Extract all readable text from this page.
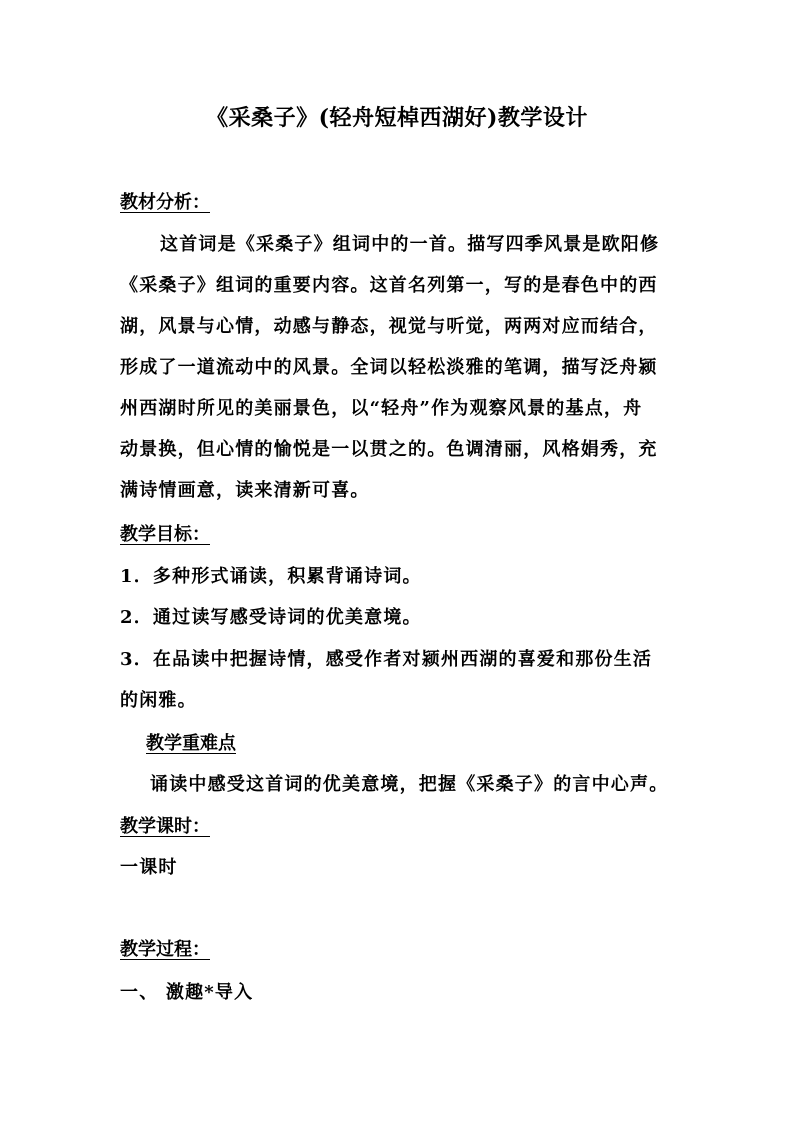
《采桑子》(轻舟短棹西湖好)教学设计
教材分析：
这首词是《采桑子》组词中的一首。描写四季风景是欧阳修
《采桑子》组词的重要内容。这首名列第一，写的是春色中的西
湖，风景与心情，动感与静态，视觉与听觉，两两对应而结合，
形成了一道流动中的风景。全词以轻松淡雅的笔调，描写泛舟颍
州西湖时所见的美丽景色，以“轻舟”作为观察风景的基点，舟
动景换，但心情的愉悦是一以贯之的。色调清丽，风格娟秀，充
满诗情画意，读来清新可喜。
教学目标：
1．多种形式诵读，积累背诵诗词。
2．通过读写感受诗词的优美意境。
3．在品读中把握诗情，感受作者对颍州西湖的喜爱和那份生活
的闲雅。
教学重难点
诵读中感受这首词的优美意境，把握《采桑子》的言中心声。
教学课时：
一课时
教学过程：
一、 激趣*导入
